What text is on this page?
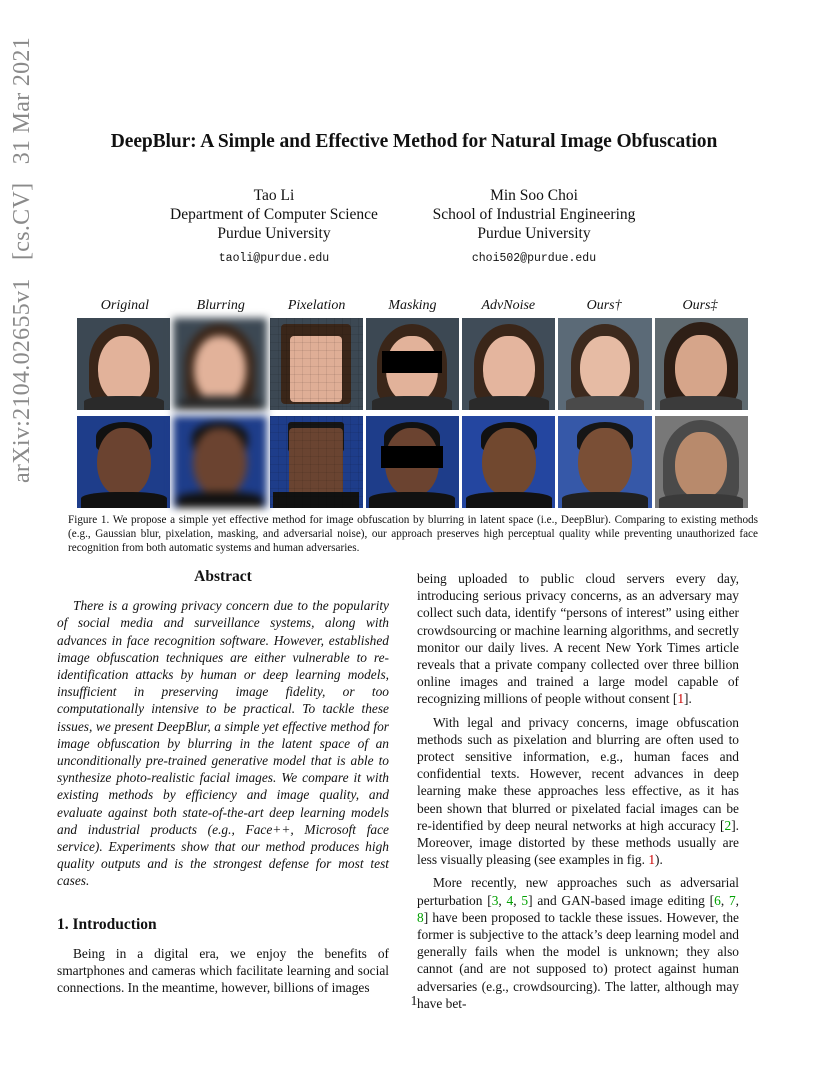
arXiv:2104.02655v1 [cs.CV] 31 Mar 2021	DeepBlur: A Simple and Effective Method for Natural Image Obfuscation
Tao Li
Department of Computer Science
Purdue University
taoli@purdue.edu
Min Soo Choi
School of Industrial Engineering
Purdue University
choi502@purdue.edu
Original	Blurring	Pixelation	Masking	AdvNoise	Ours†	Ours‡
Figure 1. We propose a simple yet effective method for image obfuscation by blurring in latent space (i.e., DeepBlur). Comparing to existing methods (e.g., Gaussian blur, pixelation, masking, and adversarial noise), our approach preserves high perceptual quality while preventing unauthorized face recognition from both automatic systems and human adversaries.
Abstract

There is a growing privacy concern due to the popularity of social media and surveillance systems, along with advances in face recognition software. However, established image obfuscation techniques are either vulnerable to re-identification attacks by human or deep learning models, insufficient in preserving image fidelity, or too computationally intensive to be practical. To tackle these issues, we present DeepBlur, a simple yet effective method for image obfuscation by blurring in the latent space of an unconditionally pre-trained generative model that is able to synthesize photo-realistic facial images. We compare it with existing methods by efficiency and image quality, and evaluate against both state-of-the-art deep learning models and industrial products (e.g., Face++, Microsoft face service). Experiments show that our method produces high quality outputs and is the strongest defense for most test cases.

1. Introduction

Being in a digital era, we enjoy the benefits of smartphones and cameras which facilitate learning and social connections. In the meantime, however, billions of images

being uploaded to public cloud servers every day, introducing serious privacy concerns, as an adversary may collect such data, identify “persons of interest” using either crowdsourcing or machine learning algorithms, and secretly monitor our daily lives. A recent New York Times article reveals that a private company collected over three billion online images and trained a large model capable of recognizing millions of people without consent [1].

With legal and privacy concerns, image obfuscation methods such as pixelation and blurring are often used to protect sensitive information, e.g., human faces and confidential texts. However, recent advances in deep learning make these approaches less effective, as it has been shown that blurred or pixelated facial images can be re-identified by deep neural networks at high accuracy [2]. Moreover, image distorted by these methods usually are less visually pleasing (see examples in fig. 1).

More recently, new approaches such as adversarial perturbation [3, 4, 5] and GAN-based image editing [6, 7, 8] have been proposed to tackle these issues. However, the former is subjective to the attack’s deep learning model and generally fails when the model is unknown; they also cannot (and are not supposed to) protect against human adversaries (e.g., crowdsourcing). The latter, although may have bet-

1
